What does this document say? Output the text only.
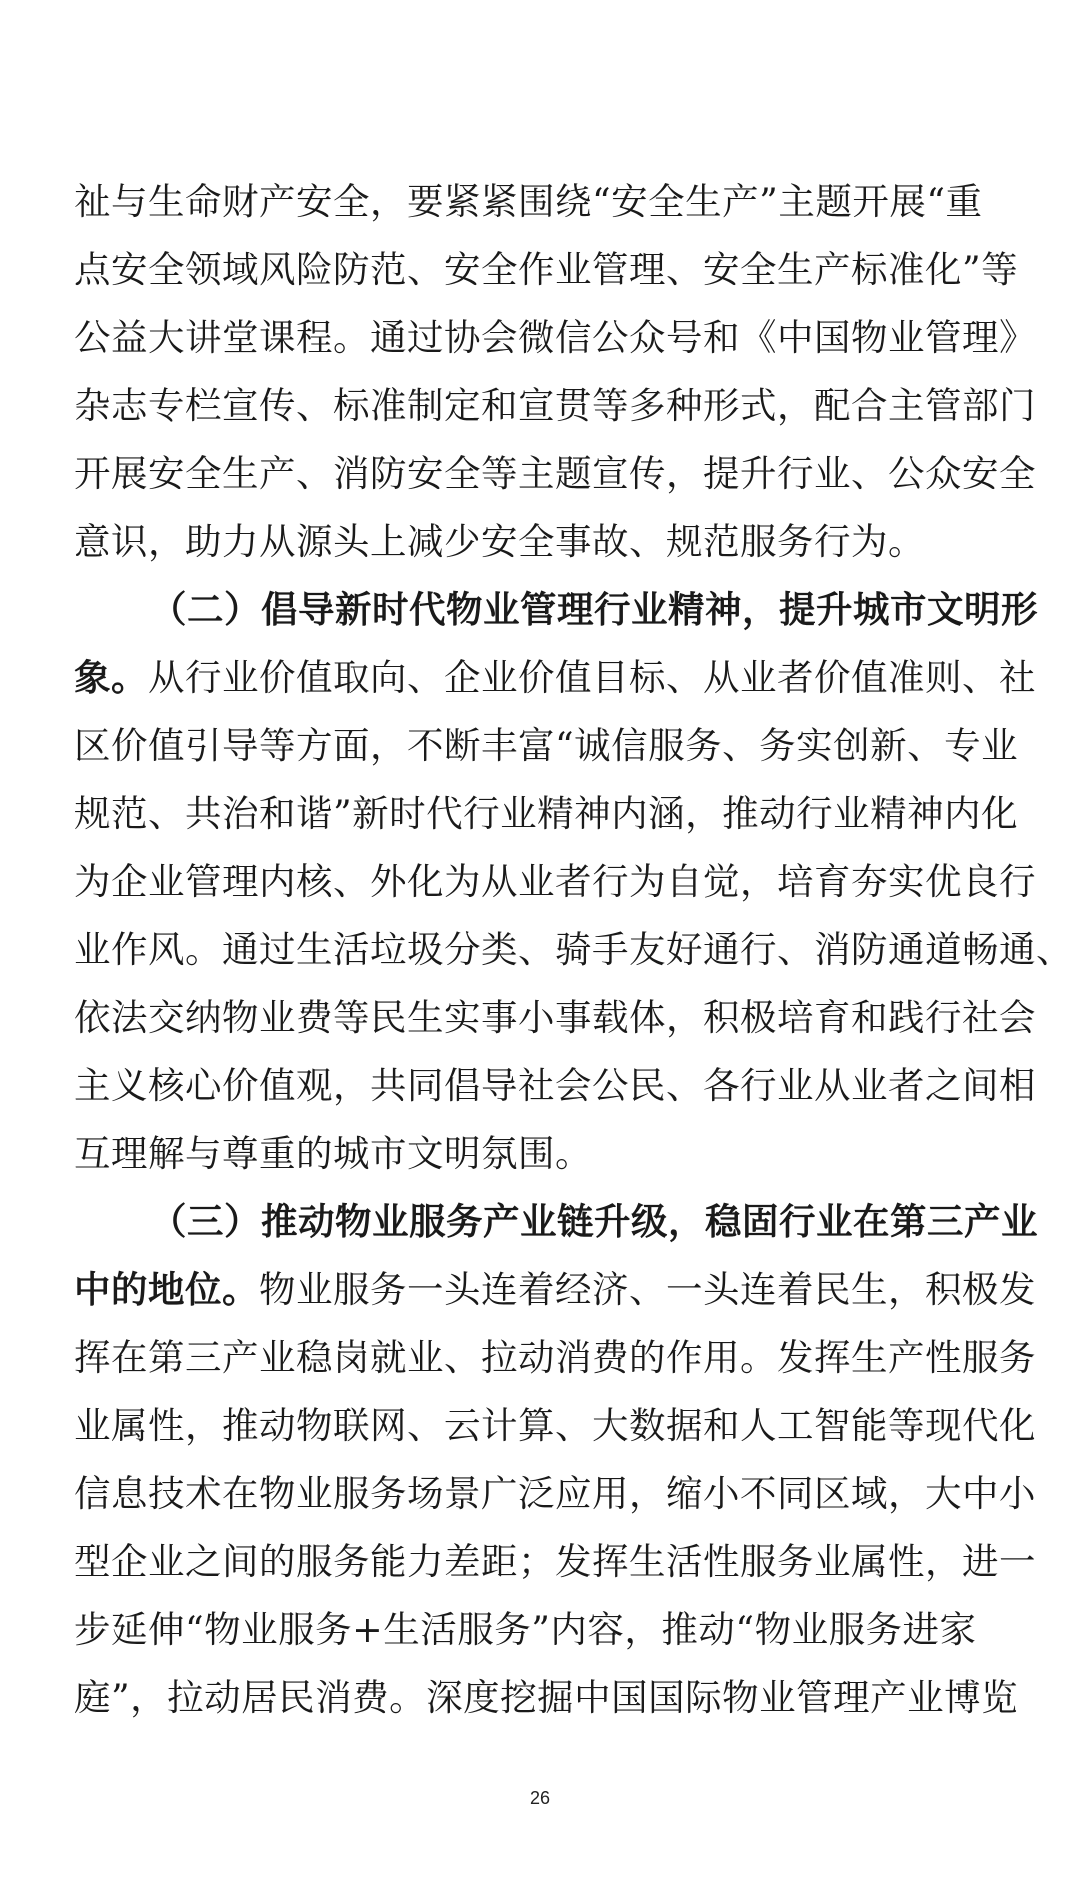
祉与生命财产安全，要紧紧围绕“安全生产”主题开展“重
点安全领域风险防范、安全作业管理、安全生产标准化”等
公益大讲堂课程。通过协会微信公众号和《中国物业管理》
杂志专栏宣传、标准制定和宣贯等多种形式，配合主管部门
开展安全生产、消防安全等主题宣传，提升行业、公众安全
意识，助力从源头上减少安全事故、规范服务行为。
（二）倡导新时代物业管理行业精神，提升城市文明形
象。从行业价值取向、企业价值目标、从业者价值准则、社
区价值引导等方面，不断丰富“诚信服务、务实创新、专业
规范、共治和谐”新时代行业精神内涵，推动行业精神内化
为企业管理内核、外化为从业者行为自觉，培育夯实优良行
业作风。通过生活垃圾分类、骑手友好通行、消防通道畅通、
依法交纳物业费等民生实事小事载体，积极培育和践行社会
主义核心价值观，共同倡导社会公民、各行业从业者之间相
互理解与尊重的城市文明氛围。
（三）推动物业服务产业链升级，稳固行业在第三产业
中的地位。物业服务一头连着经济、一头连着民生，积极发
挥在第三产业稳岗就业、拉动消费的作用。发挥生产性服务
业属性，推动物联网、云计算、大数据和人工智能等现代化
信息技术在物业服务场景广泛应用，缩小不同区域，大中小
型企业之间的服务能力差距；发挥生活性服务业属性，进一
步延伸“物业服务+生活服务”内容，推动“物业服务进家
庭”，拉动居民消费。深度挖掘中国国际物业管理产业博览
26
